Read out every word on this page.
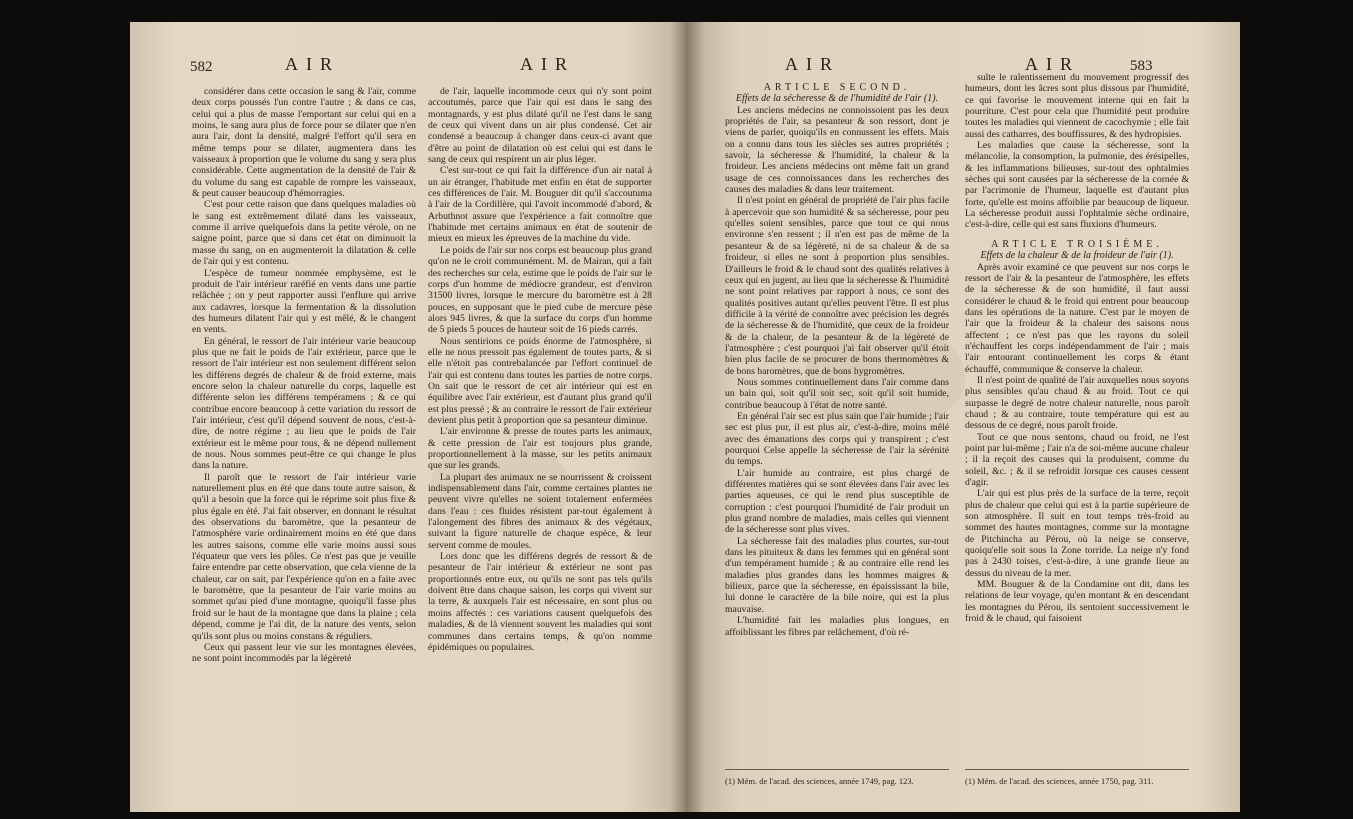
582	AIR	AIR

considérer dans cette occasion le sang & l'air, comme deux corps poussés l'un contre l'autre ; & dans ce cas, celui qui a plus de masse l'emportant sur celui qui en a moins, le sang aura plus de force pour se dilater que n'en aura l'air, dont la densité, malgré l'effort qu'il sera en même temps pour se dilater, augmentera dans les vaisseaux à proportion que le volume du sang y sera plus considérable. Cette augmentation de la densité de l'air & du volume du sang est capable de rompre les vaisseaux, & peut causer beaucoup d'hémorragies.

C'est pour cette raison que dans quelques maladies où le sang est extrêmement dilaté dans les vaisseaux, comme il arrive quelquefois dans la petite vérole, on ne saigne point, parce que si dans cet état on diminuoit la masse du sang, on en augmenteroit la dilatation & celle de l'air qui y est contenu.

L'espèce de tumeur nommée emphysème, est le produit de l'air intérieur raréfié en vents dans une partie relâchée ; on y peut rapporter aussi l'enflure qui arrive aux cadavres, lorsque la fermentation & la dissolution des humeurs dilatent l'air qui y est mêlé, & le changent en vents.

En général, le ressort de l'air intérieur varie beaucoup plus que ne fait le poids de l'air extérieur, parce que le ressort de l'air intérieur est non seulement différent selon les différens degrés de chaleur & de froid externe, mais encore selon la chaleur naturelle du corps, laquelle est différente selon les différens tempéramens ; & ce qui contribue encore beaucoup à cette variation du ressort de l'air intérieur, c'est qu'il dépend souvent de nous, c'est-à-dire, de notre régime ; au lieu que le poids de l'air extérieur est le même pour tous, & ne dépend nullement de nous. Nous sommes peut-être ce qui change le plus dans la nature.

Il paroît que le ressort de l'air intérieur varie naturellement plus en été que dans toute autre saison, & qu'il a besoin que la force qui le réprime soit plus fixe & plus égale en été. J'ai fait observer, en donnant le résultat des observations du baromètre, que la pesanteur de l'atmosphère varie ordinairement moins en été que dans les autres saisons, comme elle varie moins aussi sous l'équateur que vers les pôles. Ce n'est pas que je veuille faire entendre par cette observation, que cela vienne de la chaleur, car on sait, par l'expérience qu'on en a faite avec le baromètre, que la pesanteur de l'air varie moins au sommet qu'au pied d'une montagne, quoiqu'il fasse plus froid sur le haut de la montagne que dans la plaine ; cela dépend, comme je l'ai dit, de la nature des vents, selon qu'ils sont plus ou moins constans & réguliers.

Ceux qui passent leur vie sur les montagnes élevées, ne sont point incommodés par la légèreté

de l'air, laquelle incommode ceux qui n'y sont point accoutumés, parce que l'air qui est dans le sang des montagnards, y est plus dilaté qu'il ne l'est dans le sang de ceux qui vivent dans un air plus condensé. Cet air condensé a beaucoup à changer dans ceux-ci avant que d'être au point de dilatation où est celui qui est dans le sang de ceux qui respirent un air plus léger.

C'est sur-tout ce qui fait la différence d'un air natal à un air étranger, l'habitude met enfin en état de supporter ces différences de l'air. M. Bouguer dit qu'il s'accoutuma à l'air de la Cordillère, qui l'avoit incommodé d'abord, & Arbuthnot assure que l'expérience a fait connoître que l'habitude met certains animaux en état de soutenir de mieux en mieux les épreuves de la machine du vide.

Le poids de l'air sur nos corps est beaucoup plus grand qu'on ne le croit communément. M. de Mairan, qui a fait des recherches sur cela, estime que le poids de l'air sur le corps d'un homme de médiocre grandeur, est d'environ 31500 livres, lorsque le mercure du baromètre est à 28 pouces, en supposant que le pied cube de mercure pèse alors 945 livres, & que la surface du corps d'un homme de 5 pieds 5 pouces de hauteur soit de 16 pieds carrés.

Nous sentirions ce poids énorme de l'atmosphère, si elle ne nous pressoit pas également de toutes parts, & si elle n'étoit pas contrebalancée par l'effort continuel de l'air qui est contenu dans toutes les parties de notre corps. On sait que le ressort de cet air intérieur qui est en équilibre avec l'air extérieur, est d'autant plus grand qu'il est plus pressé ; & au contraire le ressort de l'air extérieur devient plus petit à proportion que sa pesanteur diminue.

L'air environne & presse de toutes parts les animaux, & cette pression de l'air est toujours plus grande, proportionnellement à la masse, sur les petits animaux que sur les grands.

La plupart des animaux ne se nourrissent & croissent indispensablement dans l'air, comme certaines plantes ne peuvent vivre qu'elles ne soient totalement enfermées dans l'eau : ces fluides résistent par-tout également à l'alongement des fibres des animaux & des végétaux, suivant la figure naturelle de chaque espèce, & leur servent comme de moules.

Lors donc que les différens degrés de ressort & de pesanteur de l'air intérieur & extérieur ne sont pas proportionnés entre eux, ou qu'ils ne sont pas tels qu'ils doivent être dans chaque saison, les corps qui vivent sur la terre, & auxquels l'air est nécessaire, en sont plus ou moins affectés : ces variations causent quelquefois des maladies, & de là viennent souvent les maladies qui sont communes dans certains temps, & qu'on nomme épidémiques ou populaires.

AIR	AIR	583

ARTICLE SECOND.

Effets de la sécheresse & de l'humidité de l'air (1).

Les anciens médecins ne connoissoient pas les deux propriétés de l'air, sa pesanteur & son ressort, dont je viens de parler, quoiqu'ils en connussent les effets. Mais on a connu dans tous les siècles ses autres propriétés ; savoir, la sécheresse & l'humidité, la chaleur & la froideur. Les anciens médecins ont même fait un grand usage de ces connoissances dans les recherches des causes des maladies & dans leur traitement.

Il n'est point en général de propriété de l'air plus facile à apercevoir que son humidité & sa sécheresse, pour peu qu'elles soient sensibles, parce que tout ce qui nous environne s'en ressent ; il n'en est pas de même de la pesanteur & de sa légèreté, ni de sa chaleur & de sa froideur, si elles ne sont à proportion plus sensibles. D'ailleurs le froid & le chaud sont des qualités relatives à ceux qui en jugent, au lieu que la sécheresse & l'humidité ne sont point relatives par rapport à nous, ce sont des qualités positives autant qu'elles peuvent l'être. Il est plus difficile à la vérité de connoître avec précision les degrés de la sécheresse & de l'humidité, que ceux de la froideur & de la chaleur, de la pesanteur & de la légèreté de l'atmosphère ; c'est pourquoi j'ai fait observer qu'il étoit bien plus facile de se procurer de bons thermomètres & de bons baromètres, que de bons hygromètres.

Nous sommes continuellement dans l'air comme dans un bain qui, soit qu'il soit sec, soit qu'il soit humide, contribue beaucoup à l'état de notre santé.

En général l'air sec est plus sain que l'air humide ; l'air sec est plus pur, il est plus air, c'est-à-dire, moins mêlé avec des émanations des corps qui y transpirent ; c'est pourquoi Celse appelle la sécheresse de l'air la sérénité du temps.

L'air humide au contraire, est plus chargé de différentes matières qui se sont élevées dans l'air avec les parties aqueuses, ce qui le rend plus susceptible de corruption : c'est pourquoi l'humidité de l'air produit un plus grand nombre de maladies, mais celles qui viennent de la sécheresse sont plus vives.

La sécheresse fait des maladies plus courtes, sur-tout dans les pituiteux & dans les femmes qui en général sont d'un tempérament humide ; & au contraire elle rend les maladies plus grandes dans les hommes maigres & bilieux, parce que la sécheresse, en épaississant la bile, lui donne le caractère de la bile noire, qui est la plus mauvaise.

L'humidité fait les maladies plus longues, en affoiblissant les fibres par relâchement, d'où ré-

(1) Mém. de l'acad. des sciences, année 1749, pag. 123.

sulte le ralentissement du mouvement progressif des humeurs, dont les âcres sont plus dissous par l'humidité, ce qui favorise le mouvement interne qui en fait la pourriture. C'est pour cela que l'humidité peut produire toutes les maladies qui viennent de cacochymie ; elle fait aussi des catharres, des bouffissures, & des hydropisies.

Les maladies que cause la sécheresse, sont la mélancolie, la consomption, la pulmonie, des érésipelles, & les inflammations bilieuses, sur-tout des ophtalmies sèches qui sont causées par la sécheresse de la cornée & par l'acrimonie de l'humeur, laquelle est d'autant plus forte, qu'elle est moins affoiblie par beaucoup de liqueur. La sécheresse produit aussi l'ophtalmie sèche ordinaire, c'est-à-dire, celle qui est sans fluxions d'humeurs.

ARTICLE TROISIÈME.

Effets de la chaleur & de la froideur de l'air (1).

Après avoir examiné ce que peuvent sur nos corps le ressort de l'air & la pesanteur de l'atmosphère, les effets de la sécheresse & de son humidité, il faut aussi considérer le chaud & le froid qui entrent pour beaucoup dans les opérations de la nature. C'est par le moyen de l'air que la froideur & la chaleur des saisons nous affectent ; ce n'est pas que les rayons du soleil n'échauffent les corps indépendamment de l'air ; mais l'air entourant continuellement les corps & étant échauffé, communique & conserve la chaleur.

Il n'est point de qualité de l'air auxquelles nous soyons plus sensibles qu'au chaud & au froid. Tout ce qui surpasse le degré de notre chaleur naturelle, nous paroît chaud ; & au contraire, toute température qui est au dessous de ce degré, nous paroît froide.

Tout ce que nous sentons, chaud ou froid, ne l'est point par lui-même ; l'air n'a de soi-même aucune chaleur ; il la reçoit des causes qui la produisent, comme du soleil, &c. ; & il se refroidit lorsque ces causes cessent d'agir.

L'air qui est plus près de la surface de la terre, reçoit plus de chaleur que celui qui est à la partie supérieure de son atmosphère. Il suit en tout temps très-froid au sommet des hautes montagnes, comme sur la montagne de Pitchincha au Pérou, où la neige se conserve, quoiqu'elle soit sous la Zone torride. La neige n'y fond pas à 2430 toises, c'est-à-dire, à une grande lieue au dessus du niveau de la mer.

MM. Bouguer & de la Condamine ont dit, dans les relations de leur voyage, qu'en montant & en descendant les montagnes du Pérou, ils sentoient successivement le froid & le chaud, qui faisoient

(1) Mém. de l'acad. des sciences, année 1750, pag. 311.
